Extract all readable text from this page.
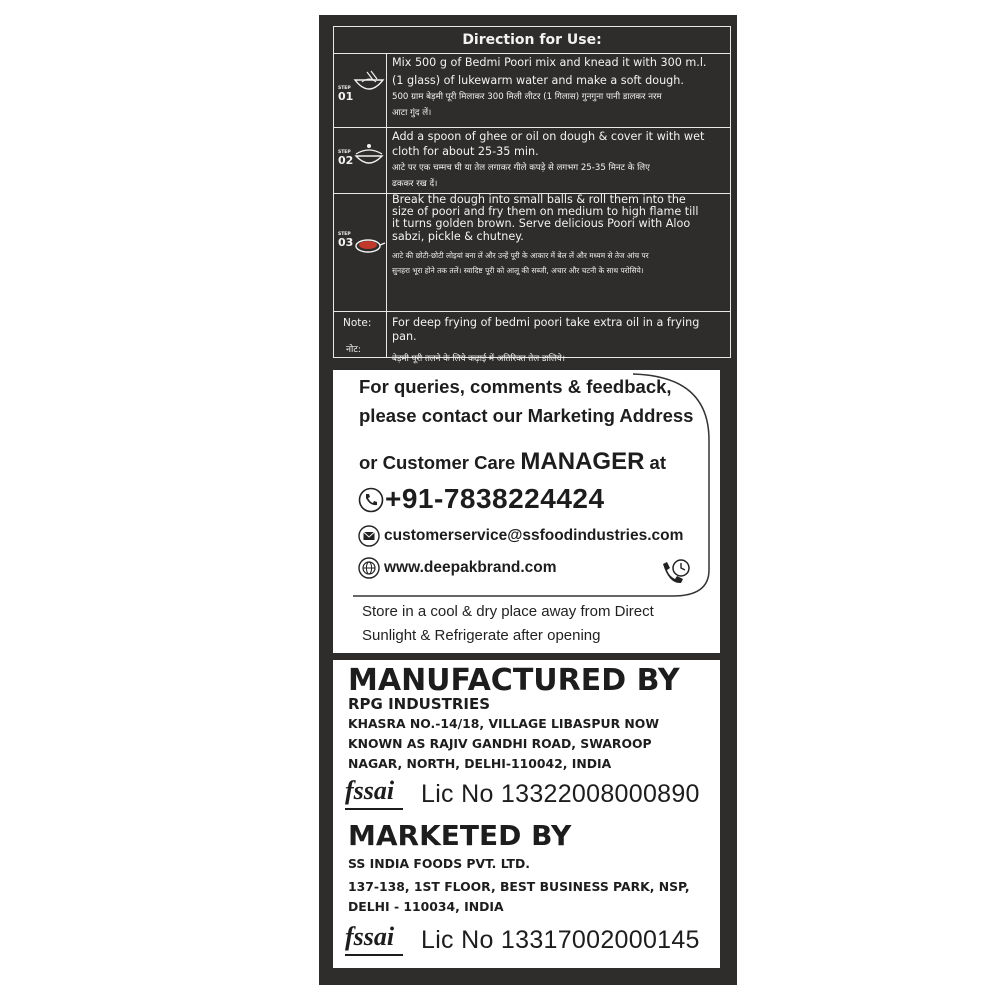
Direction for Use:
STEP
01
Mix 500 g of Bedmi Poori mix and knead it with 300 m.l.
(1 glass) of lukewarm water and make a soft dough.
500 ग्राम बेड़मी पूरी मिलाकर 300 मिली लीटर (1 गिलास) गुनगुना पानी डालकर नरम
आटा गुंद लें।
STEP
02
Add a spoon of ghee or oil on dough & cover it with wet
cloth for about 25-35 min.
आटे पर एक चम्मच घी या तेल लगाकर गीले कपड़े से लगभग 25-35 मिनट के लिए
ढककर रख दें।
STEP
03
Break the dough into small balls & roll them into the
size of poori and fry them on medium to high flame till
it turns golden brown. Serve delicious Poori with Aloo
sabzi, pickle & chutney.
आटे की छोटी-छोटी लोइयां बना लें और उन्हें पूरी के आकार में बेल लें और मध्यम से तेज आंच पर
सुनहरा भूरा होने तक तलें। स्वादिष्ट पूरी को आलू की सब्जी, अचार और चटनी के साथ परोसिये।
Note:
नोट:
For deep frying of bedmi poori take extra oil in a frying
pan.
बेड़मी पूरी तलने के लिये कढ़ाई में अतिरिक्त तेल डालिये।
For queries, comments & feedback,
please contact our Marketing Address
or Customer Care MANAGER at
+91-7838224424
customerservice@ssfoodindustries.com
www.deepakbrand.com
Store in a cool & dry place away from Direct
Sunlight & Refrigerate after opening
MANUFACTURED BY
RPG INDUSTRIES
KHASRA NO.-14/18, VILLAGE LIBASPUR NOW
KNOWN AS RAJIV GANDHI ROAD, SWAROOP
NAGAR, NORTH, DELHI-110042, INDIA
fssai Lic No 13322008000890
MARKETED BY
SS INDIA FOODS PVT. LTD.
137-138, 1ST FLOOR, BEST BUSINESS PARK, NSP,
DELHI - 110034, INDIA
fssai Lic No 13317002000145
